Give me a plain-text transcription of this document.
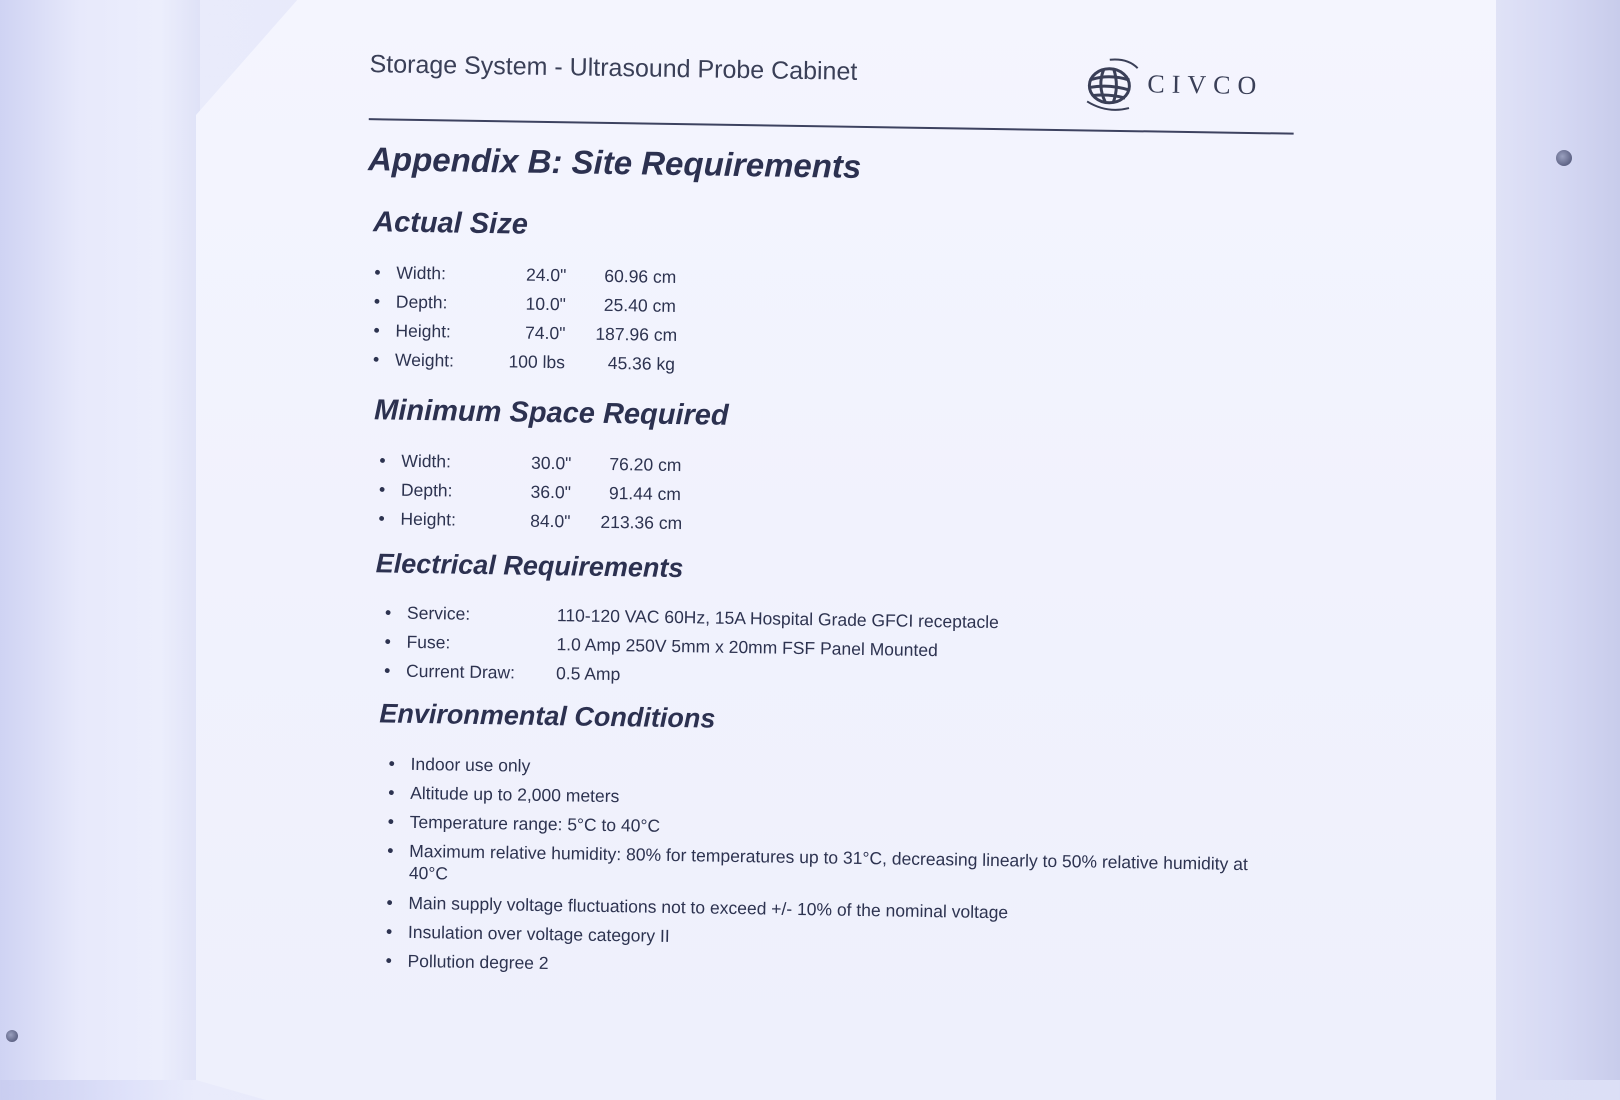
Storage System - Ultrasound Probe Cabinet	CIVCO
Appendix B: Site Requirements
Actual Size
• Width:	24.0"	60.96 cm
• Depth:	10.0"	25.40 cm
• Height:	74.0" 187.96 cm
• Weight:	100 lbs	45.36 kg
Minimum Space Required
• Width:	30.0"	76.20 cm
• Depth:	36.0"	91.44 cm
• Height:	84.0" 213.36 cm
Electrical Requirements
• Service:	110-120 VAC 60Hz, 15A Hospital Grade GFCI receptacle
• Fuse:	1.0 Amp 250V 5mm x 20mm FSF Panel Mounted
• Current Draw: 0.5 Amp
Environmental Conditions
• Indoor use only
• Altitude up to 2,000 meters
• Temperature range: 5°C to 40°C
• Maximum relative humidity: 80% for temperatures up to 31°C, decreasing linearly to 50% relative humidity at 40°C
• Main supply voltage fluctuations not to exceed +/- 10% of the nominal voltage
• Insulation over voltage category II
• Pollution degree 2
